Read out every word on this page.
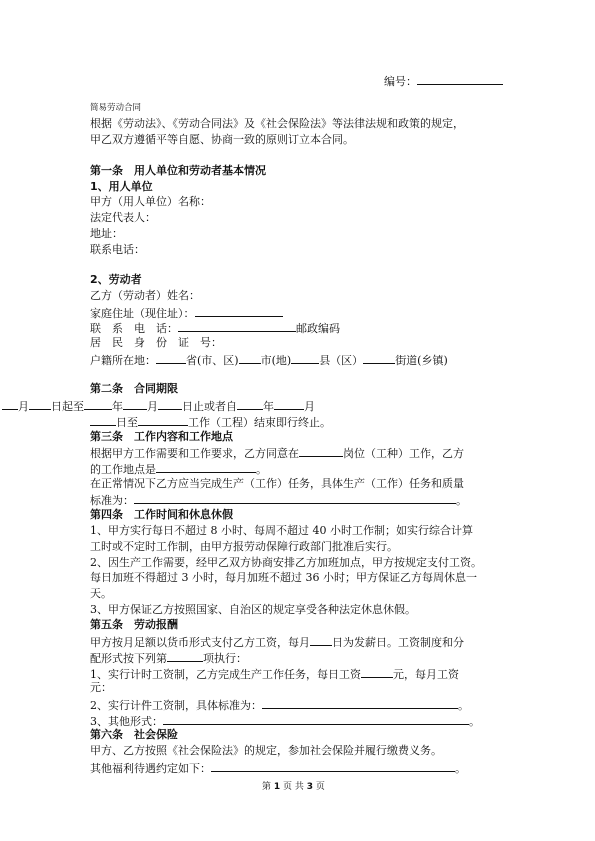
编号：
简易劳动合同
根据《劳动法》、《劳动合同法》及《社会保险法》等法律法规和政策的规定，
甲乙双方遵循平等自愿、协商一致的原则订立本合同。
第一条　用人单位和劳动者基本情况
1、用人单位
甲方（用人单位）名称：
法定代表人：
地址：
联系电话：
2、劳动者
乙方（劳动者）姓名：
家庭住址（现住址）：
联　系　电　话：	邮政编码
居　民　身　份　证　号：
户籍所在地：	省(市、区) 市(地)	县（区）	街道(乡镇)
第二条　合同期限
月 日起至	年 月 日止或者自 年	月
日至	工作（工程）结束即行终止。
第三条　工作内容和工作地点
根据甲方工作需要和工作要求，乙方同意在	岗位（工种）工作，乙方
的工作地点是	。
在正常情况下乙方应当完成生产（工作）任务，具体生产（工作）任务和质量
标准为：	。
第四条　工作时间和休息休假
1、甲方实行每日不超过 8 小时、每周不超过 40 小时工作制；如实行综合计算
工时或不定时工作制，由甲方报劳动保障行政部门批准后实行。
2、因生产工作需要，经甲乙双方协商安排乙方加班加点，甲方按规定支付工资。
每日加班不得超过 3 小时，每月加班不超过 36 小时；甲方保证乙方每周休息一
天。
3、甲方保证乙方按照国家、自治区的规定享受各种法定休息休假。
第五条　劳动报酬
甲方按月足额以货币形式支付乙方工资，每月 日为发薪日。工资制度和分
配形式按下列第	项执行：
1、实行计时工资制，乙方完成生产工作任务，每日工资	元，每月工资
元：
2、实行计件工资制，具体标准为：	。
3、其他形式：	。
第六条　社会保险
甲方、乙方按照《社会保险法》的规定，参加社会保险并履行缴费义务。
其他福利待遇约定如下：	。
第 1 页 共 3 页
